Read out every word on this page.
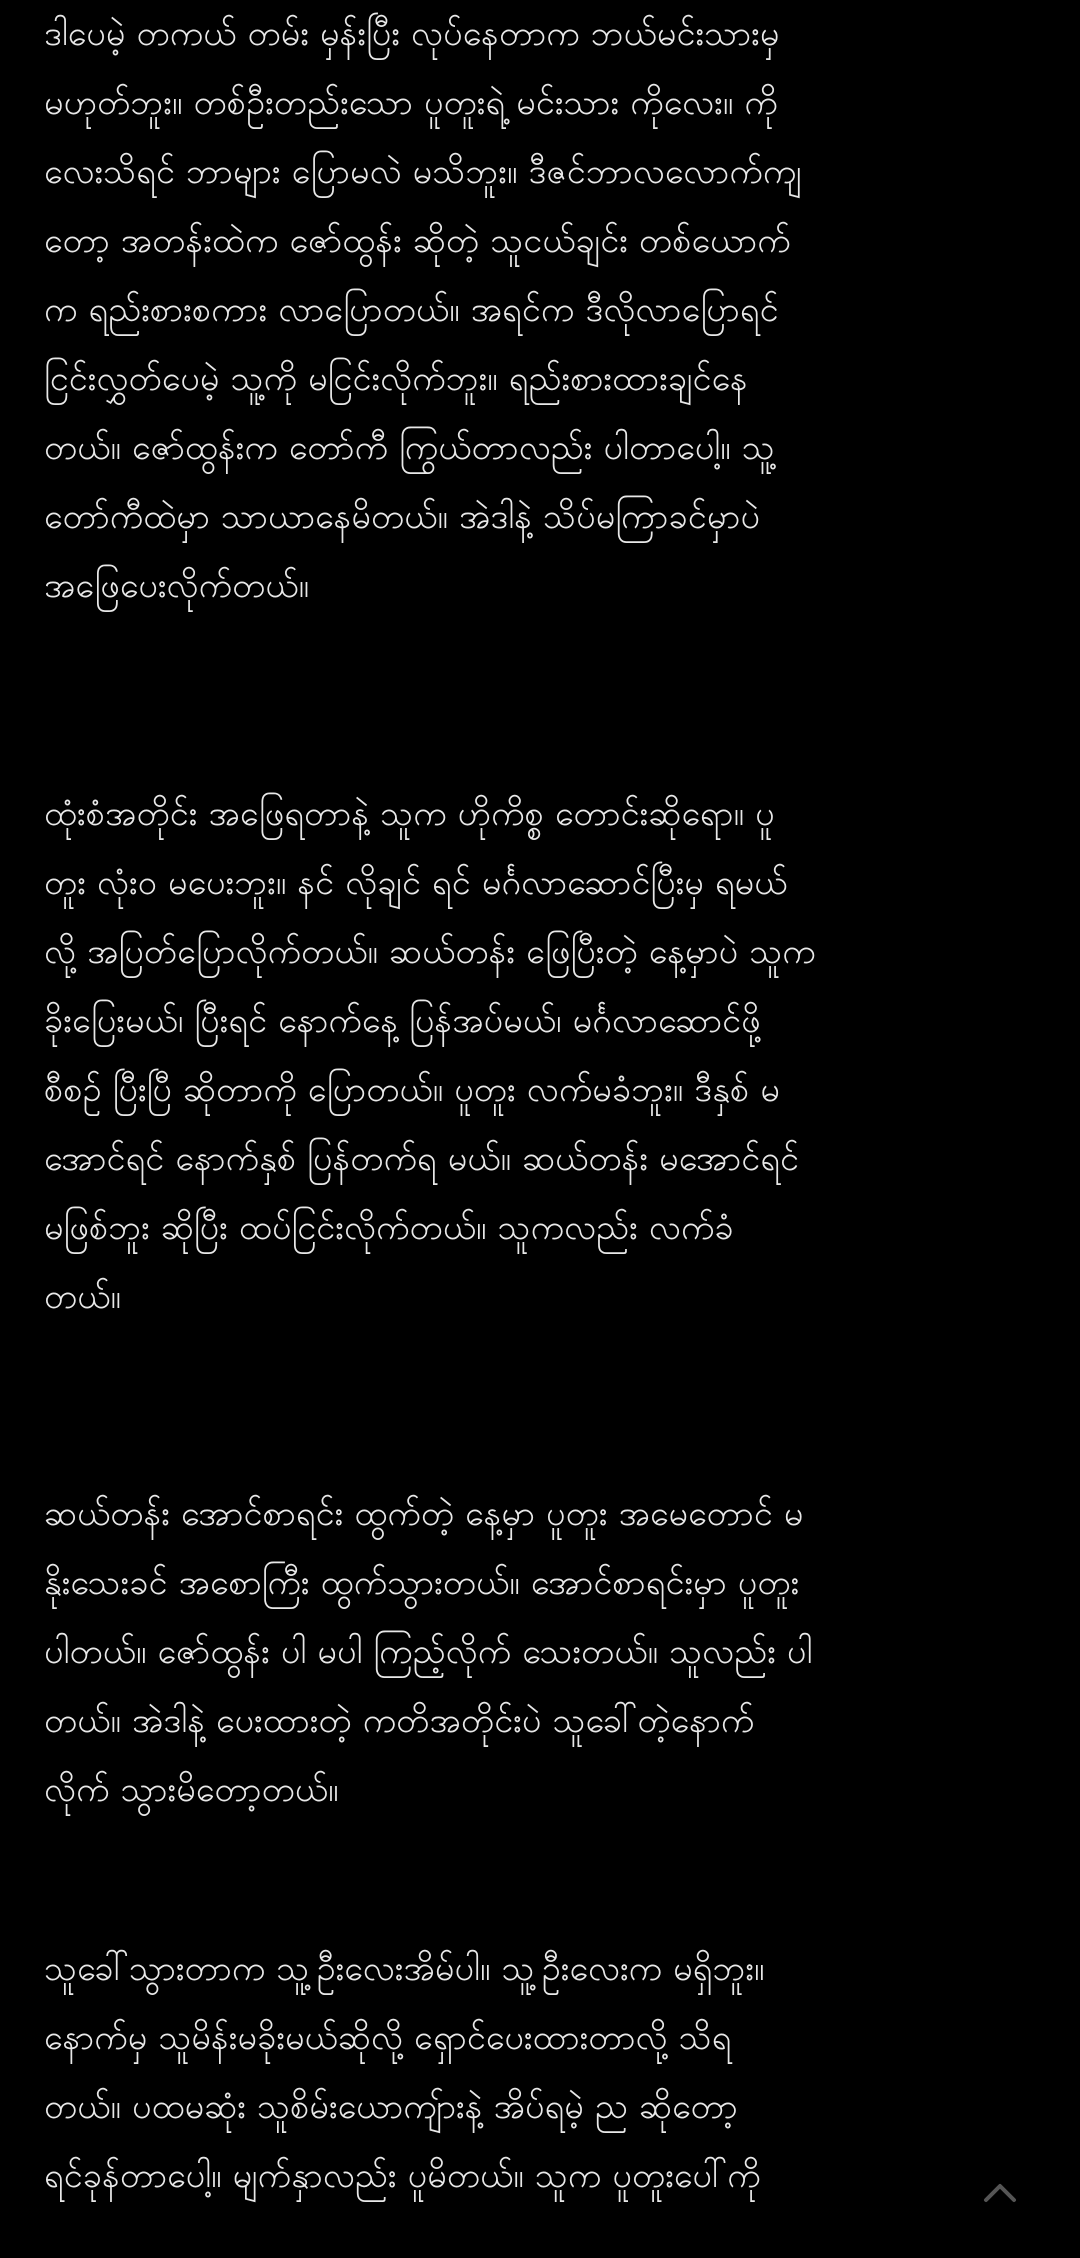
ဒါပေမဲ့ တကယ် တမ်း မှန်းပြီး လုပ်နေတာက ဘယ်မင်းသားမှ
မဟုတ်ဘူး။ တစ်ဦးတည်းသော ပူတူးရဲ့ မင်းသား ကိုလေး။ ကို
လေးသိရင် ဘာများ ပြောမလဲ မသိဘူး။ ဒီဇင်ဘာလလောက်ကျ
တော့ အတန်းထဲက ဇော်ထွန်း ဆိုတဲ့ သူငယ်ချင်း တစ်ယောက်
က ရည်းစားစကား လာပြောတယ်။ အရင်က ဒီလိုလာပြောရင်
ငြင်းလွှတ်ပေမဲ့ သူ့ကို မငြင်းလိုက်ဘူး။ ရည်းစားထားချင်နေ
တယ်။ ဇော်ထွန်းက တော်ကီ ကြွယ်တာလည်း ပါတာပေါ့။ သူ့
တော်ကီထဲမှာ သာယာနေမိတယ်။ အဲဒါနဲ့ သိပ်မကြာခင်မှာပဲ
အဖြေပေးလိုက်တယ်။
ထုံးစံအတိုင်း အဖြေရတာနဲ့ သူက ဟိုကိစ္စ တောင်းဆိုရော။ ပူ
တူး လုံးဝ မပေးဘူး။ နင် လိုချင် ရင် မင်္ဂလာဆောင်ပြီးမှ ရမယ်
လို့ အပြတ်ပြောလိုက်တယ်။ ဆယ်တန်း ဖြေပြီးတဲ့ နေ့မှာပဲ သူက
ခိုးပြေးမယ်၊ ပြီးရင် နောက်နေ့ ပြန်အပ်မယ်၊ မင်္ဂလာဆောင်ဖို့
စီစဉ် ပြီးပြီ ဆိုတာကို ပြောတယ်။ ပူတူး လက်မခံဘူး။ ဒီနှစ် မ
အောင်ရင် နောက်နှစ် ပြန်တက်ရ မယ်။ ဆယ်တန်း မအောင်ရင်
မဖြစ်ဘူး ဆိုပြီး ထပ်ငြင်းလိုက်တယ်။ သူကလည်း လက်ခံ
တယ်။
ဆယ်တန်း အောင်စာရင်း ထွက်တဲ့ နေ့မှာ ပူတူး အမေတောင် မ
နိုးသေးခင် အစောကြီး ထွက်သွားတယ်။ အောင်စာရင်းမှာ ပူတူး
ပါတယ်။ ဇော်ထွန်း ပါ မပါ ကြည့်လိုက် သေးတယ်။ သူလည်း ပါ
တယ်။ အဲဒါနဲ့ ပေးထားတဲ့ ကတိအတိုင်းပဲ သူခေါ်တဲ့နောက်
လိုက် သွားမိတော့တယ်။
သူခေါ်သွားတာက သူ့ဦးလေးအိမ်ပါ။ သူ့ဦးလေးက မရှိဘူး။
နောက်မှ သူမိန်းမခိုးမယ်ဆိုလို့ ရှောင်ပေးထားတာလို့ သိရ
တယ်။ ပထမဆုံး သူစိမ်းယောကျ်ားနဲ့ အိပ်ရမဲ့ ည ဆိုတော့
ရင်ခုန်တာပေါ့။ မျက်နှာလည်း ပူမိတယ်။ သူက ပူတူးပေါ်ကို
